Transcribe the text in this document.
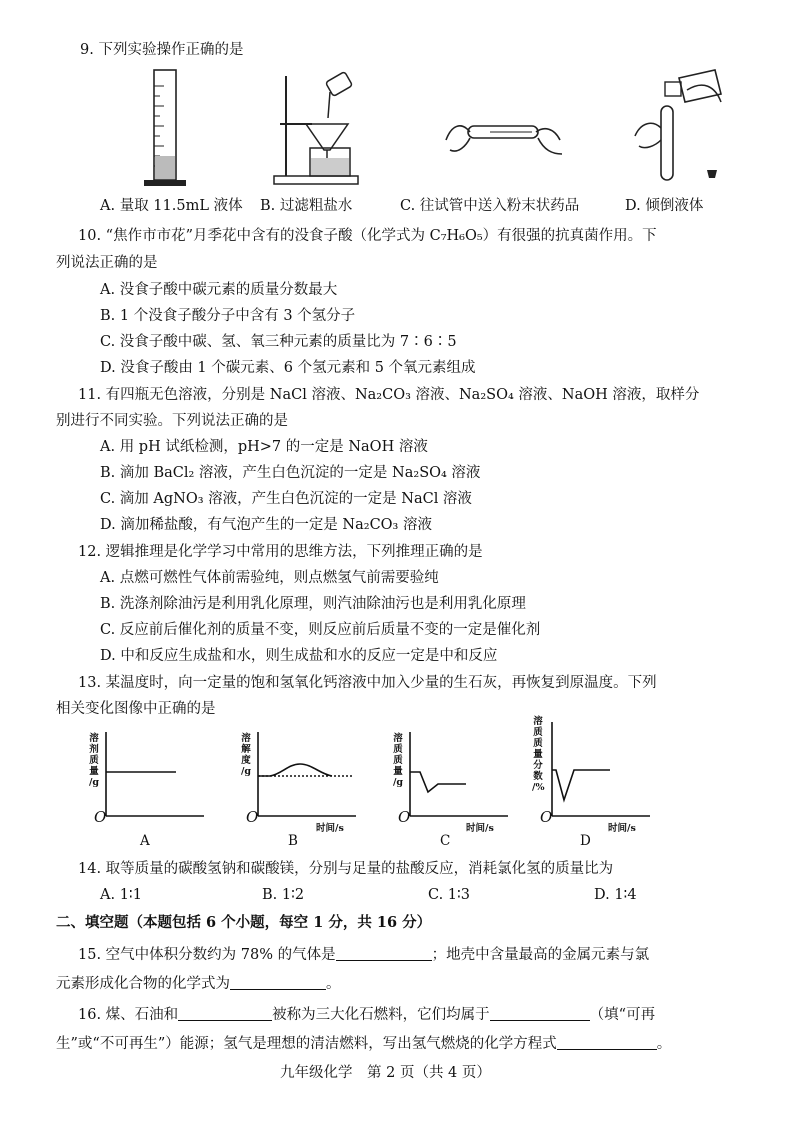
9. 下列实验操作正确的是
A. 量取 11.5mL 液体 B. 过滤粗盐水	C. 往试管中送入粉末状药品	D. 倾倒液体
10. “焦作市市花”月季花中含有的没食子酸（化学式为 C₇H₆O₅）有很强的抗真菌作用。下
列说法正确的是
A. 没食子酸中碳元素的质量分数最大
B. 1 个没食子酸分子中含有 3 个氢分子
C. 没食子酸中碳、氢、氧三种元素的质量比为 7∶6∶5
D. 没食子酸由 1 个碳元素、6 个氢元素和 5 个氧元素组成
11. 有四瓶无色溶液，分别是 NaCl 溶液、Na₂CO₃ 溶液、Na₂SO₄ 溶液、NaOH 溶液，取样分
别进行不同实验。下列说法正确的是
A. 用 pH 试纸检测，pH>7 的一定是 NaOH 溶液
B. 滴加 BaCl₂ 溶液，产生白色沉淀的一定是 Na₂SO₄ 溶液
C. 滴加 AgNO₃ 溶液，产生白色沉淀的一定是 NaCl 溶液
D. 滴加稀盐酸，有气泡产生的一定是 Na₂CO₃ 溶液
12. 逻辑推理是化学学习中常用的思维方法，下列推理正确的是
A. 点燃可燃性气体前需验纯，则点燃氢气前需要验纯
B. 洗涤剂除油污是利用乳化原理，则汽油除油污也是利用乳化原理
C. 反应前后催化剂的质量不变，则反应前后质量不变的一定是催化剂
D. 中和反应生成盐和水，则生成盐和水的反应一定是中和反应
13. 某温度时，向一定量的饱和氢氧化钙溶液中加入少量的生石灰，再恢复到原温度。下列
相关变化图像中正确的是
溶
剂
质
量
/g
O
A
溶
解
度
/g
O
时间/s
B
溶
质
质
量
/g
O
时间/s
C
溶
质
质
量
分
数
/%
O
时间/s
D
14. 取等质量的碳酸氢钠和碳酸镁，分别与足量的盐酸反应，消耗氯化氢的质量比为
A. 1∶1	B. 1∶2	C. 1∶3	D. 1∶4
二、填空题（本题包括 6 个小题，每空 1 分，共 16 分）
15. 空气中体积分数约为 78% 的气体是	；地壳中含量最高的金属元素与氯
元素形成化合物的化学式为	。
16. 煤、石油和	被称为三大化石燃料，它们均属于	（填“可再
生”或“不可再生”）能源；氢气是理想的清洁燃料，写出氢气燃烧的化学方程式	。
九年级化学　第 2 页（共 4 页）
